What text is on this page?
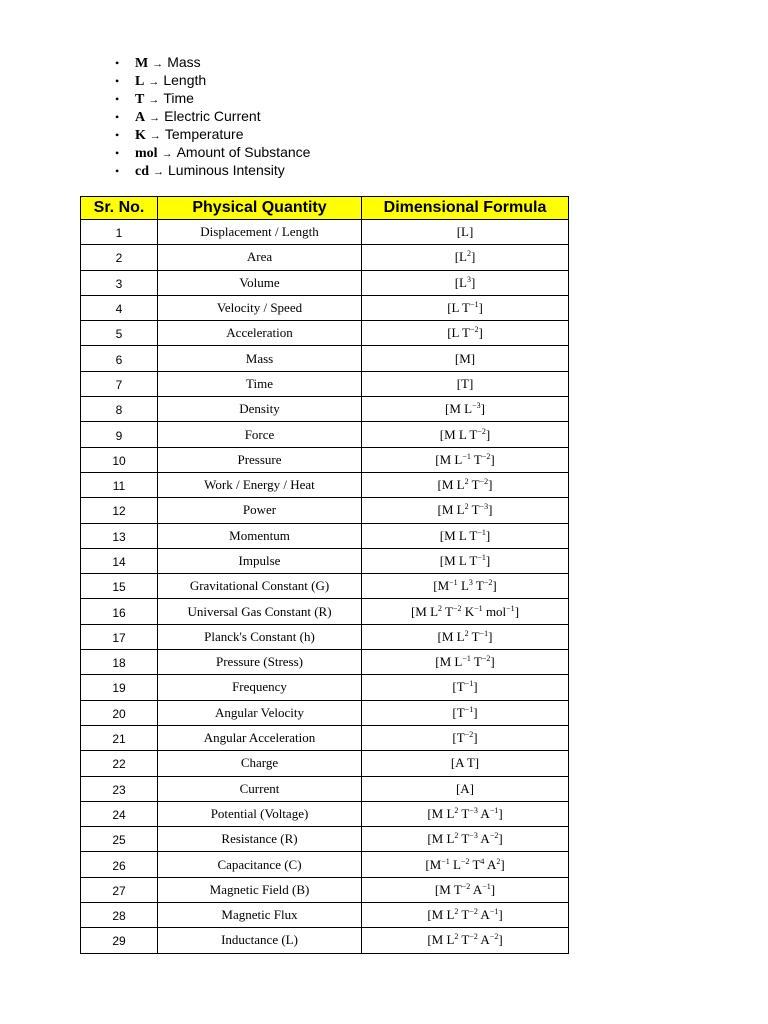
• M → Mass
• L → Length
• T → Time
• A → Electric Current
• K → Temperature
• mol → Amount of Substance
• cd → Luminous Intensity
Sr. No.	Physical Quantity	Dimensional Formula
1	Displacement / Length	[L]
2	Area	$[L^2]$
3	Volume	$[L^3]$
4	Velocity / Speed	[L $T^{-1}$]
5	Acceleration	[L $T^{-2}$]
6	Mass	[M]
7	Time	[T]
8	Density	[M $L^{-3}$]
9	Force	[M L $T^{-2}$]
10	Pressure	[M $L^{-1}$ $T^{-2}$]
11	Work / Energy / Heat	[M $L^2$ $T^{-2}$]
12	Power	[M $L^2$ $T^{-3}$]
13	Momentum	[M L $T^{-1}$]
14	Impulse	[M L $T^{-1}$]
15	Gravitational Constant (G)	[$M^{-1}$ $L^3$ $T^{-2}$]
16	Universal Gas Constant (R)	[M $L^2$ $T^{-2}$ $K^{-1}$ mol$^{-1}$]
17	Planck's Constant (h)	[M $L^2$ $T^{-1}$]
18	Pressure (Stress)	[M $L^{-1}$ $T^{-2}$]
19	Frequency	$[T^{-1}]$
20	Angular Velocity	$[T^{-1}]$
21	Angular Acceleration	$[T^{-2}]$
22	Charge	[A T]
23	Current	[A]
24	Potential (Voltage)	[M $L^2$ $T^{-3}$ $A^{-1}$]
25	Resistance (R)	[M $L^2$ $T^{-3}$ $A^{-2}$]
26	Capacitance (C)	[$M^{-1}$ $L^{-2}$ $T^4$ $A^2$]
27	Magnetic Field (B)	[M $T^{-2}$ $A^{-1}$]
28	Magnetic Flux	[M $L^2$ $T^{-2}$ $A^{-1}$]
29	Inductance (L)	[M $L^2$ $T^{-2}$ $A^{-2}$]
